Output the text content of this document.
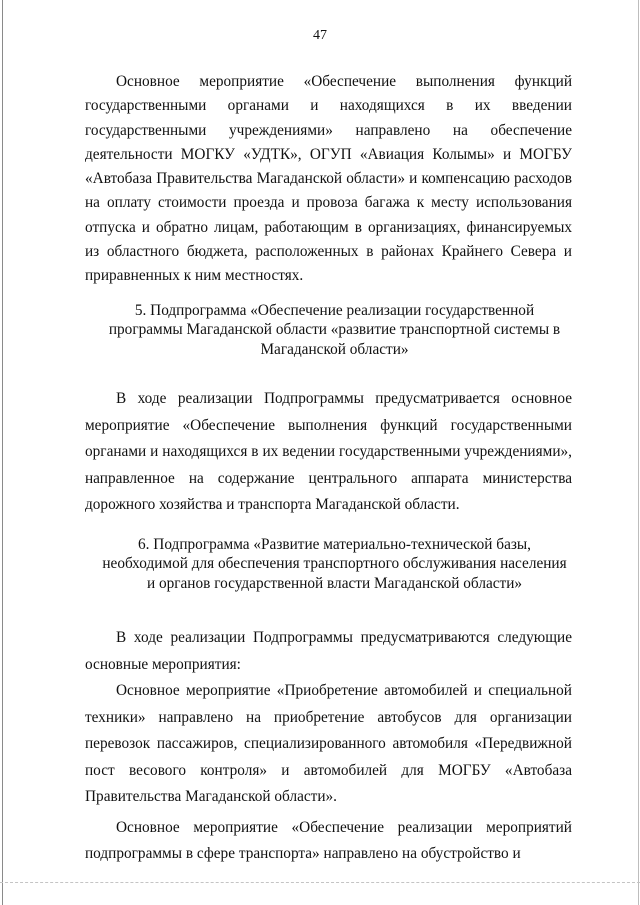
47

Основное мероприятие «Обеспечение выполнения функций государственными органами и находящихся в их введении государственными учреждениями» направлено на обеспечение деятельности МОГКУ «УДТК», ОГУП «Авиация Колымы» и МОГБУ «Автобаза Правительства Магаданской области» и компенсацию расходов на оплату стоимости проезда и провоза багажа к месту использования отпуска и обратно лицам, работающим в организациях, финансируемых из областного бюджета, расположенных в районах Крайнего Севера и приравненных к ним местностях.

5. Подпрограмма «Обеспечение реализации государственной программы Магаданской области «развитие транспортной системы в Магаданской области»

В ходе реализации Подпрограммы предусматривается основное мероприятие «Обеспечение выполнения функций государственными органами и находящихся в их ведении государственными учреждениями», направленное на содержание центрального аппарата министерства дорожного хозяйства и транспорта Магаданской области.

6. Подпрограмма «Развитие материально-технической базы, необходимой для обеспечения транспортного обслуживания населения и органов государственной власти Магаданской области»

В ходе реализации Подпрограммы предусматриваются следующие основные мероприятия:

Основное мероприятие «Приобретение автомобилей и специальной техники» направлено на приобретение автобусов для организации перевозок пассажиров, специализированного автомобиля «Передвижной пост весового контроля» и автомобилей для МОГБУ «Автобаза Правительства Магаданской области».

Основное мероприятие «Обеспечение реализации мероприятий подпрограммы в сфере транспорта» направлено на обустройство и
